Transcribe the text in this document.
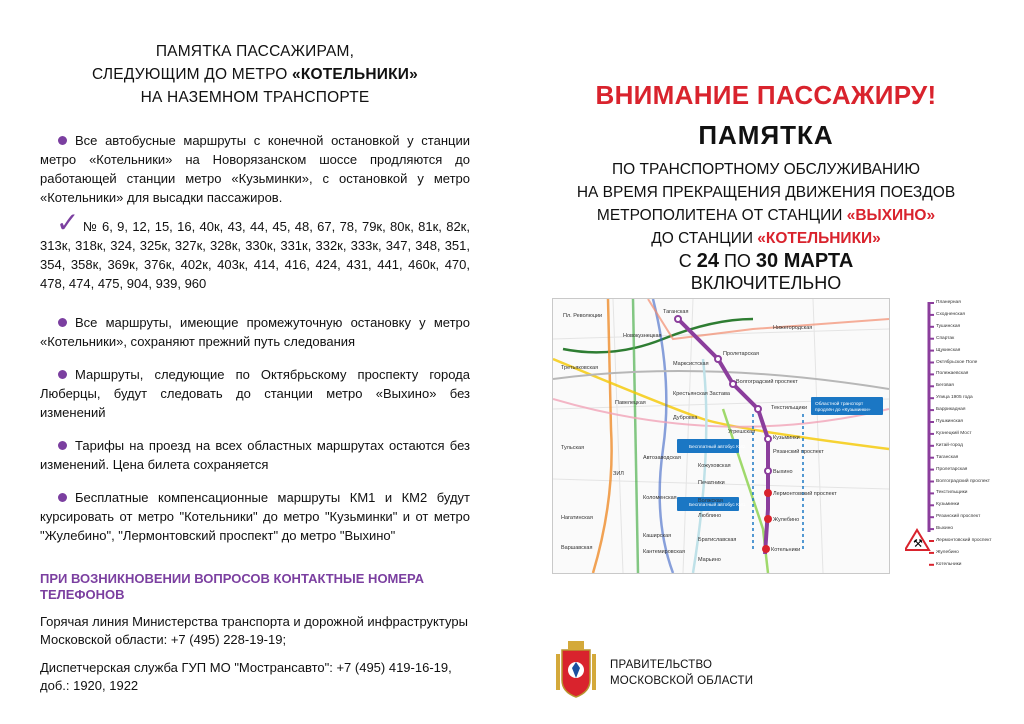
ПАМЯТКА ПАССАЖИРАМ,
СЛЕДУЮЩИМ ДО МЕТРО «КОТЕЛЬНИКИ»
НА НАЗЕМНОМ ТРАНСПОРТЕ
Все автобусные маршруты с конечной остановкой у станции метро «Котельники» на Новорязанском шоссе продляются до работающей станции метро «Кузьминки», с остановкой у метро «Котельники» для высадки пассажиров.
✓ № 6, 9, 12, 15, 16, 40к, 43, 44, 45, 48, 67, 78, 79к, 80к, 81к, 82к, 313к, 318к, 324, 325к, 327к, 328к, 330к, 331к, 332к, 333к, 347, 348, 351, 354, 358к, 369к, 376к, 402к, 403к, 414, 416, 424, 431, 441, 460к, 470, 478, 474, 475, 904, 939, 960
Все маршруты, имеющие промежуточную остановку у метро «Котельники», сохраняют прежний путь следования
Маршруты, следующие по Октябрьскому проспекту города Люберцы, будут следовать до станции метро «Выхино» без изменений
Тарифы на проезд на всех областных маршрутах остаются без изменений. Цена билета сохраняется
Бесплатные компенсационные маршруты КМ1 и КМ2 будут курсировать от метро "Котельники" до метро "Кузьминки" и от метро "Жулебино", "Лермонтовский проспект" до метро "Выхино"
ПРИ ВОЗНИКНОВЕНИИ ВОПРОСОВ КОНТАКТНЫЕ НОМЕРА ТЕЛЕФОНОВ
Горячая линия Министерства транспорта и дорожной инфраструктуры Московской области: +7 (495) 228-19-19;
Диспетчерская служба ГУП МО "Мострансавто": +7 (495) 419-16-19, доб.: 1920, 1922
ВНИМАНИЕ ПАССАЖИРУ!
ПАМЯТКА
ПО ТРАНСПОРТНОМУ ОБСЛУЖИВАНИЮ
НА ВРЕМЯ ПРЕКРАЩЕНИЯ ДВИЖЕНИЯ ПОЕЗДОВ
МЕТРОПОЛИТЕНА ОТ СТАНЦИИ «ВЫХИНО»
ДО СТАНЦИИ «КОТЕЛЬНИКИ»
С 24 ПО 30 МАРТА
ВКЛЮЧИТЕЛЬНО
Таганская
Марксистская
Пролетарская
Волгоградский проспект
Текстильщики
Кузьминки
Рязанский проспект
Выхино
Лермонтовский проспект
Жулебино
Котельники
Пл. Революции
Новокузнецкая
Третьяковская
Павелецкая
Дубровка
Кожуховская
Печатники
Волжская
Люблино
Братиславская
Марьино
Автозаводская
Коломенская
Каширская
Кантемировская
Тульская
Нагатинская
Варшавская
Крестьянская Застава
Нижегородская
Угрешская
ЗИЛ
Бесплатный автобус КМ2
Бесплатный автобус КМ1
Областной транспорт
продлён до «Кузьминки»
⚒
Планерная
Сходненская
Тушинская
Спартак
Щукинская
Октябрьское Поле
Полежаевская
Беговая
Улица 1905 года
Баррикадная
Пушкинская
Кузнецкий Мост
Китай-город
Таганская
Пролетарская
Волгоградский проспект
Текстильщики
Кузьминки
Рязанский проспект
Выхино
Лермонтовский проспект
Жулебино
Котельники
ПРАВИТЕЛЬСТВО
МОСКОВСКОЙ ОБЛАСТИ
